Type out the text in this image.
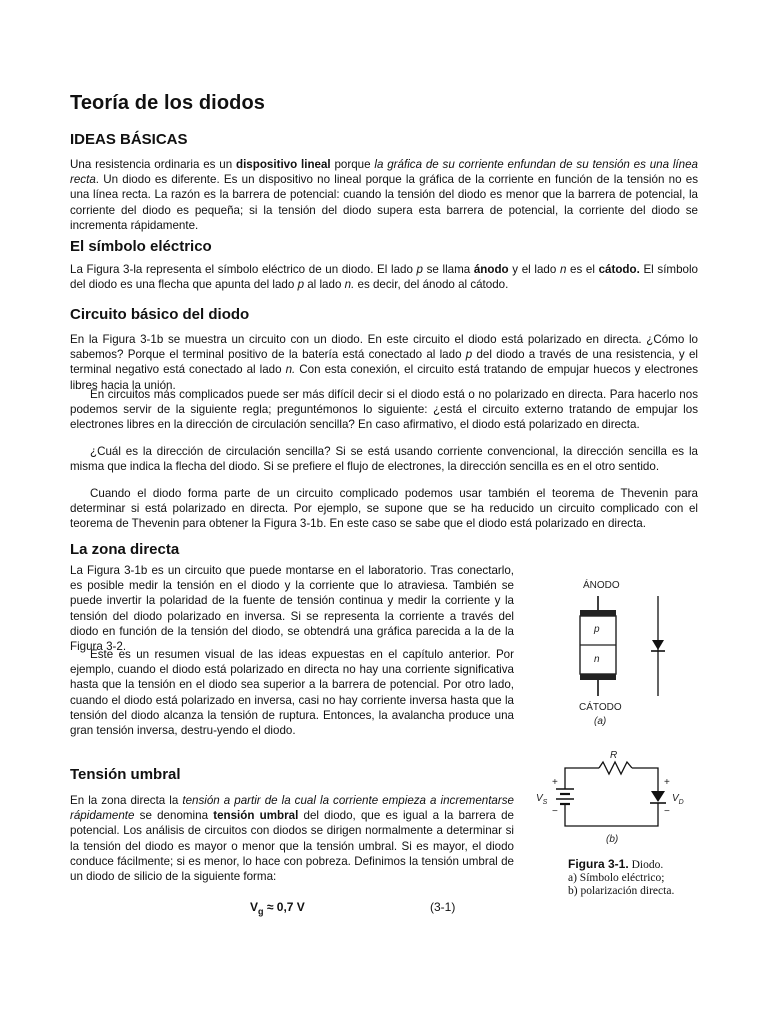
Teoría de los diodos
IDEAS BÁSICAS

Una resistencia ordinaria es un dispositivo lineal porque la gráfica de su corriente enfundan de su tensión es una línea recta. Un diodo es diferente. Es un dispositivo no lineal porque la gráfica de la corriente en función de la tensión no es una línea recta. La razón es la barrera de potencial: cuando la tensión del diodo es menor que la barrera de potencial, la corriente del diodo es pequeña; si la tensión del diodo supera esta barrera de potencial, la corriente del diodo se incrementa rápidamente.

El símbolo eléctrico

La Figura 3-la representa el símbolo eléctrico de un diodo. El lado p se llama ánodo y el lado n es el cátodo. El símbolo del diodo es una flecha que apunta del lado p al lado n. es decir, del ánodo al cátodo.

Circuito básico del diodo

En la Figura 3-1b se muestra un circuito con un diodo. En este circuito el diodo está polarizado en directa. ¿Cómo lo sabemos? Porque el terminal positivo de la batería está conectado al lado p del diodo a través de una resistencia, y el terminal negativo está conectado al lado n. Con esta conexión, el circuito está tratando de empujar huecos y electrones libres hacia la unión.

En circuitos más complicados puede ser más difícil decir si el diodo está o no polarizado en directa. Para hacerlo nos podemos servir de la siguiente regla; preguntémonos lo siguiente: ¿está el circuito externo tratando de empujar los electrones libres en la dirección de circulación sencilla? En caso afirmativo, el diodo está polarizado en directa.

¿Cuál es la dirección de circulación sencilla? Si se está usando corriente convencional, la dirección sencilla es la misma que indica la flecha del diodo. Si se prefiere el flujo de electrones, la dirección sencilla es en el otro sentido.

Cuando el diodo forma parte de un circuito complicado podemos usar también el teorema de Thevenin para determinar si está polarizado en directa. Por ejemplo, se supone que se ha reducido un circuito complicado con el teorema de Thevenin para obtener la Figura 3-1b. En este caso se sabe que el diodo está polarizado en directa.

La zona directa

La Figura 3-1b es un circuito que puede montarse en el laboratorio. Tras conectarlo, es posible medir la tensión en el diodo y la corriente que lo atraviesa. También se puede invertir la polaridad de la fuente de tensión continua y medir la corriente y la tensión del diodo polarizado en inversa. Si se representa la corriente a través del diodo en función de la tensión del diodo, se obtendrá una gráfica parecida a la de la Figura 3-2.

Este es un resumen visual de las ideas expuestas en el capítulo anterior. Por ejemplo, cuando el diodo está polarizado en directa no hay una corriente significativa hasta que la tensión en el diodo sea superior a la barrera de potencial. Por otro lado, cuando el diodo está polarizado en inversa, casi no hay corriente inversa hasta que la tensión del diodo alcanza la tensión de ruptura. Entonces, la avalancha produce una gran tensión inversa, destru-yendo el diodo.

Tensión umbral

En la zona directa la tensión a partir de la cual la corriente empieza a incrementarse rápidamente se denomina tensión umbral del diodo, que es igual a la barrera de potencial. Los análisis de circuitos con diodos se dirigen normalmente a determinar si la tensión del diodo es mayor o menor que la tensión umbral. Si es mayor, el diodo conduce fácilmente; si es menor, lo hace con pobreza. Definimos la tensión umbral de un diodo de silicio de la siguiente forma:

$V_g \approx 0,7$ V	(3-1)
ÁNODO
p
n
CÁTODO
(a)
R
+	+
$V_S$	$V_D$
−	−
(b)
Figura 3-1. Diodo.
a) Símbolo eléctrico;
b) polarización directa.
